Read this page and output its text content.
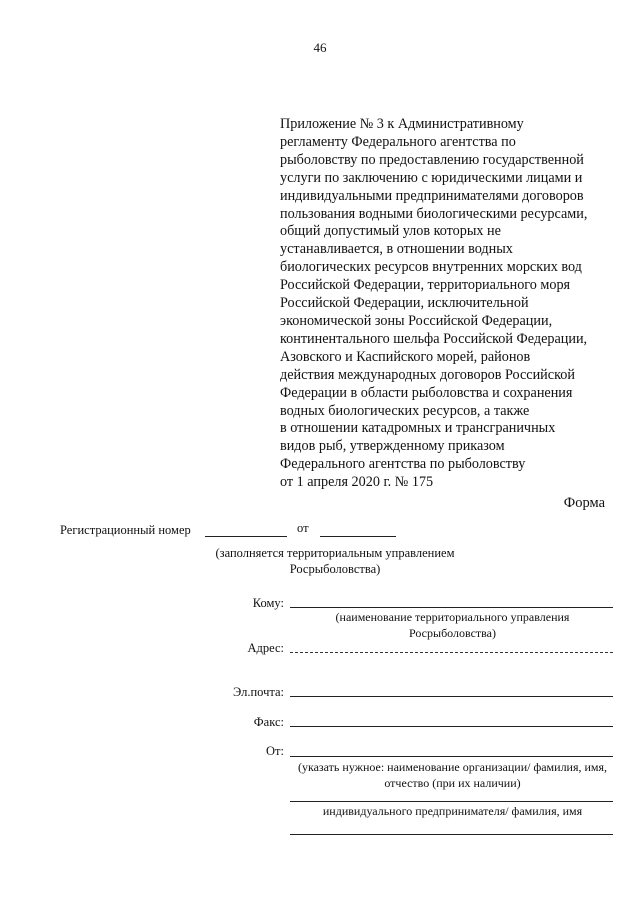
46
Приложение № 3 к Административному
регламенту Федерального агентства по
рыболовству по предоставлению государственной
услуги по заключению с юридическими лицами и
индивидуальными предпринимателями договоров
пользования водными биологическими ресурсами,
общий допустимый улов которых не
устанавливается, в отношении водных
биологических ресурсов внутренних морских вод
Российской Федерации, территориального моря
Российской Федерации, исключительной
экономической зоны Российской Федерации,
континентального шельфа Российской Федерации,
Азовского и Каспийского морей, районов
действия международных договоров Российской
Федерации в области рыболовства и сохранения
водных биологических ресурсов, а также
в отношении катадромных и трансграничных
видов рыб, утвержденному приказом
Федерального агентства по рыболовству
от 1 апреля 2020 г. № 175
Форма
Регистрационный номер	от
(заполняется территориальным управлением Росрыболовства)
Кому:
(наименование территориального управления Росрыболовства)
Адрес:
Эл.почта:
Факс:
От:
(указать нужное: наименование организации/ фамилия, имя, отчество (при их наличии)
индивидуального предпринимателя/ фамилия, имя
